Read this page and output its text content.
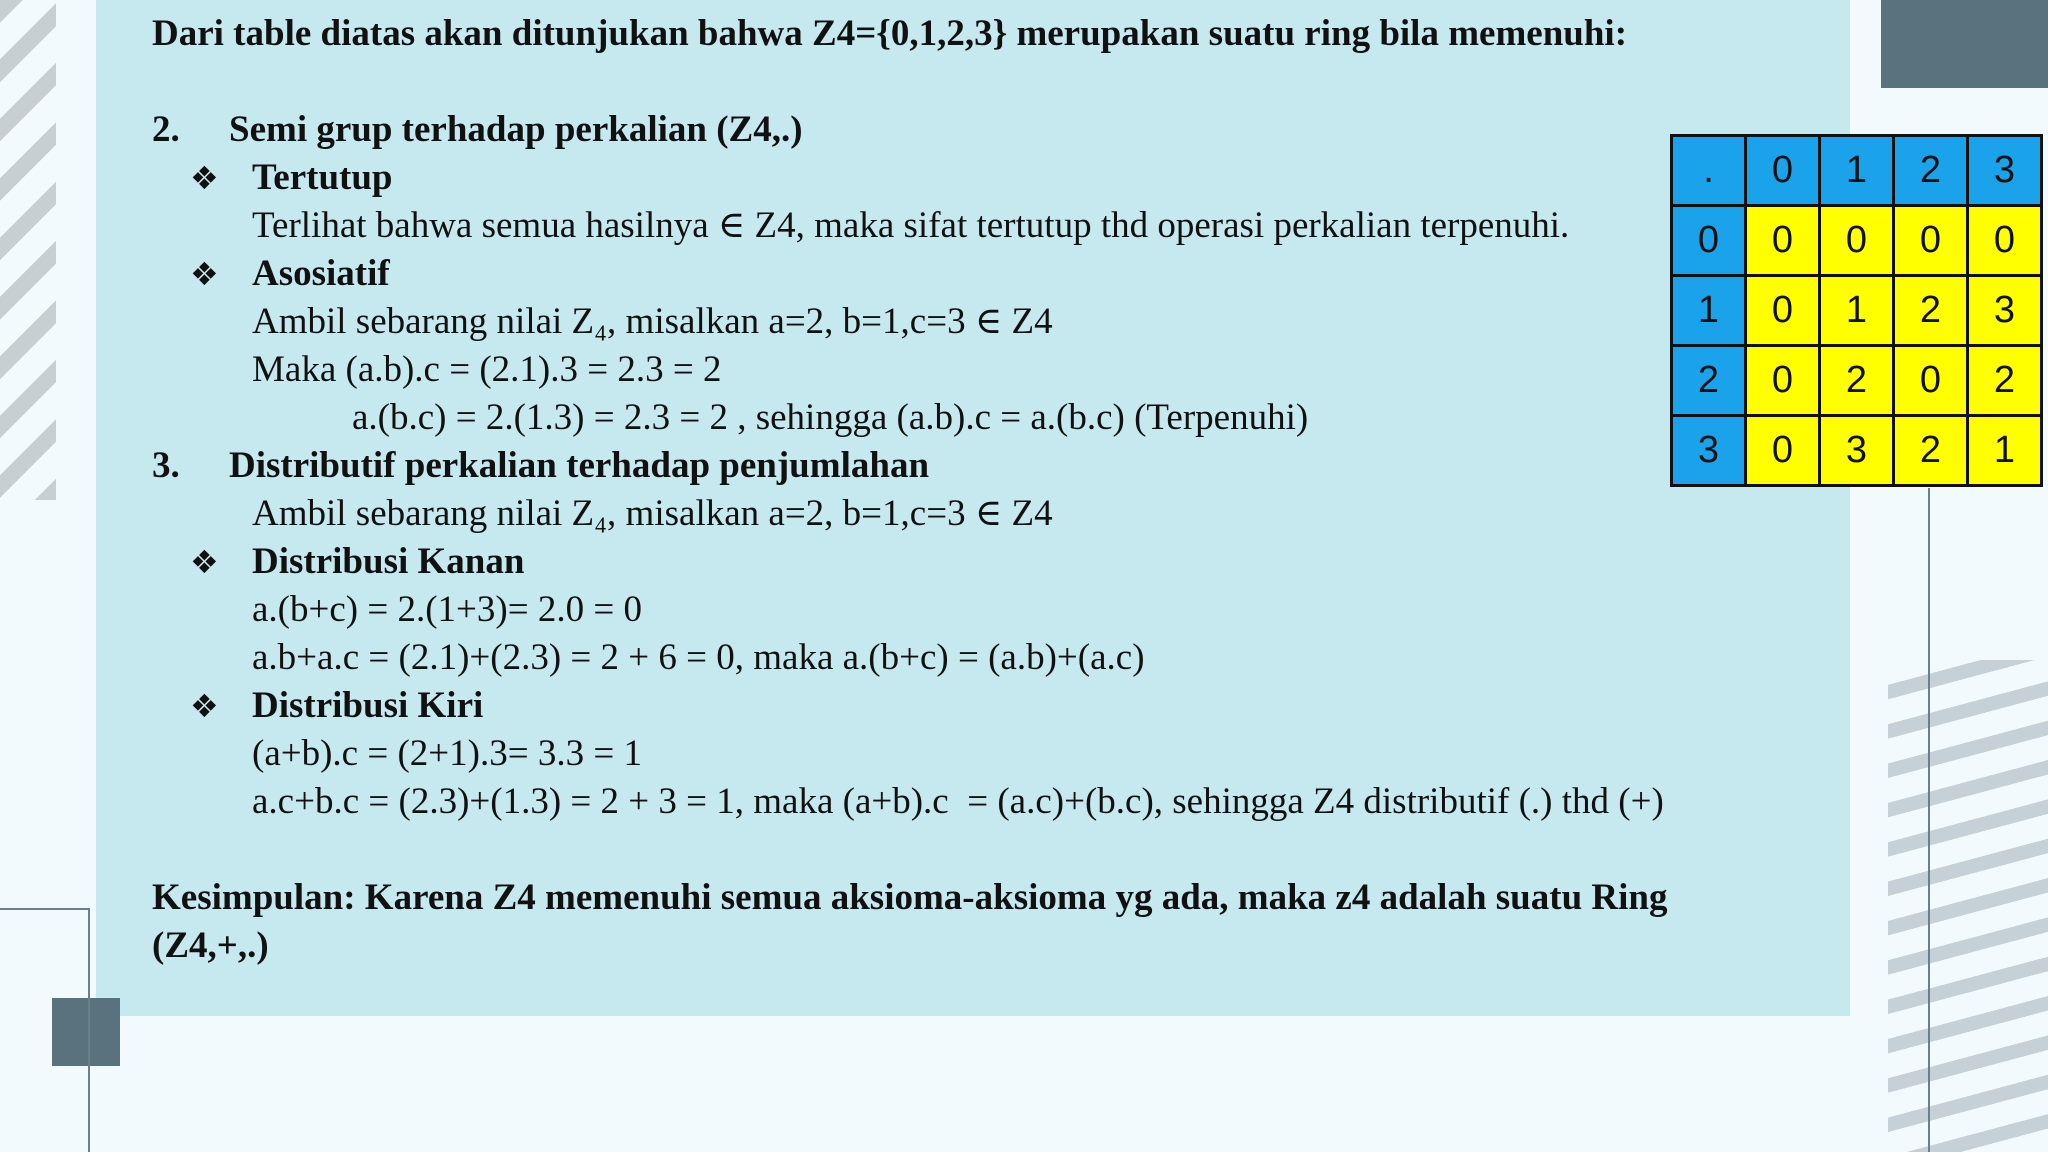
Dari table diatas akan ditunjukan bahwa Z4={0,1,2,3} merupakan suatu ring bila memenuhi:
2. Semi grup terhadap perkalian (Z4,.)
❖ Tertutup
Terlihat bahwa semua hasilnya ∈ Z4, maka sifat tertutup thd operasi perkalian terpenuhi.
❖ Asosiatif
Ambil sebarang nilai Z₄, misalkan a=2, b=1,c=3 ∈ Z4
Maka (a.b).c = (2.1).3 = 2.3 = 2
a.(b.c) = 2.(1.3) = 2.3 = 2 , sehingga (a.b).c = a.(b.c) (Terpenuhi)
3. Distributif perkalian terhadap penjumlahan
Ambil sebarang nilai Z₄, misalkan a=2, b=1,c=3 ∈ Z4
❖ Distribusi Kanan
a.(b+c) = 2.(1+3)= 2.0 = 0
a.b+a.c = (2.1)+(2.3) = 2 + 6 = 0, maka a.(b+c) = (a.b)+(a.c)
❖ Distribusi Kiri
(a+b).c = (2+1).3= 3.3 = 1
a.c+b.c = (2.3)+(1.3) = 2 + 3 = 1, maka (a+b).c  = (a.c)+(b.c), sehingga Z4 distributif (.) thd (+)
Kesimpulan: Karena Z4 memenuhi semua aksioma-aksioma yg ada, maka z4 adalah suatu Ring
(Z4,+,.)
.	0	1	2	3
0	0	0	0	0
1	0	1	2	3
2	0	2	0	2
3	0	3	2	1
